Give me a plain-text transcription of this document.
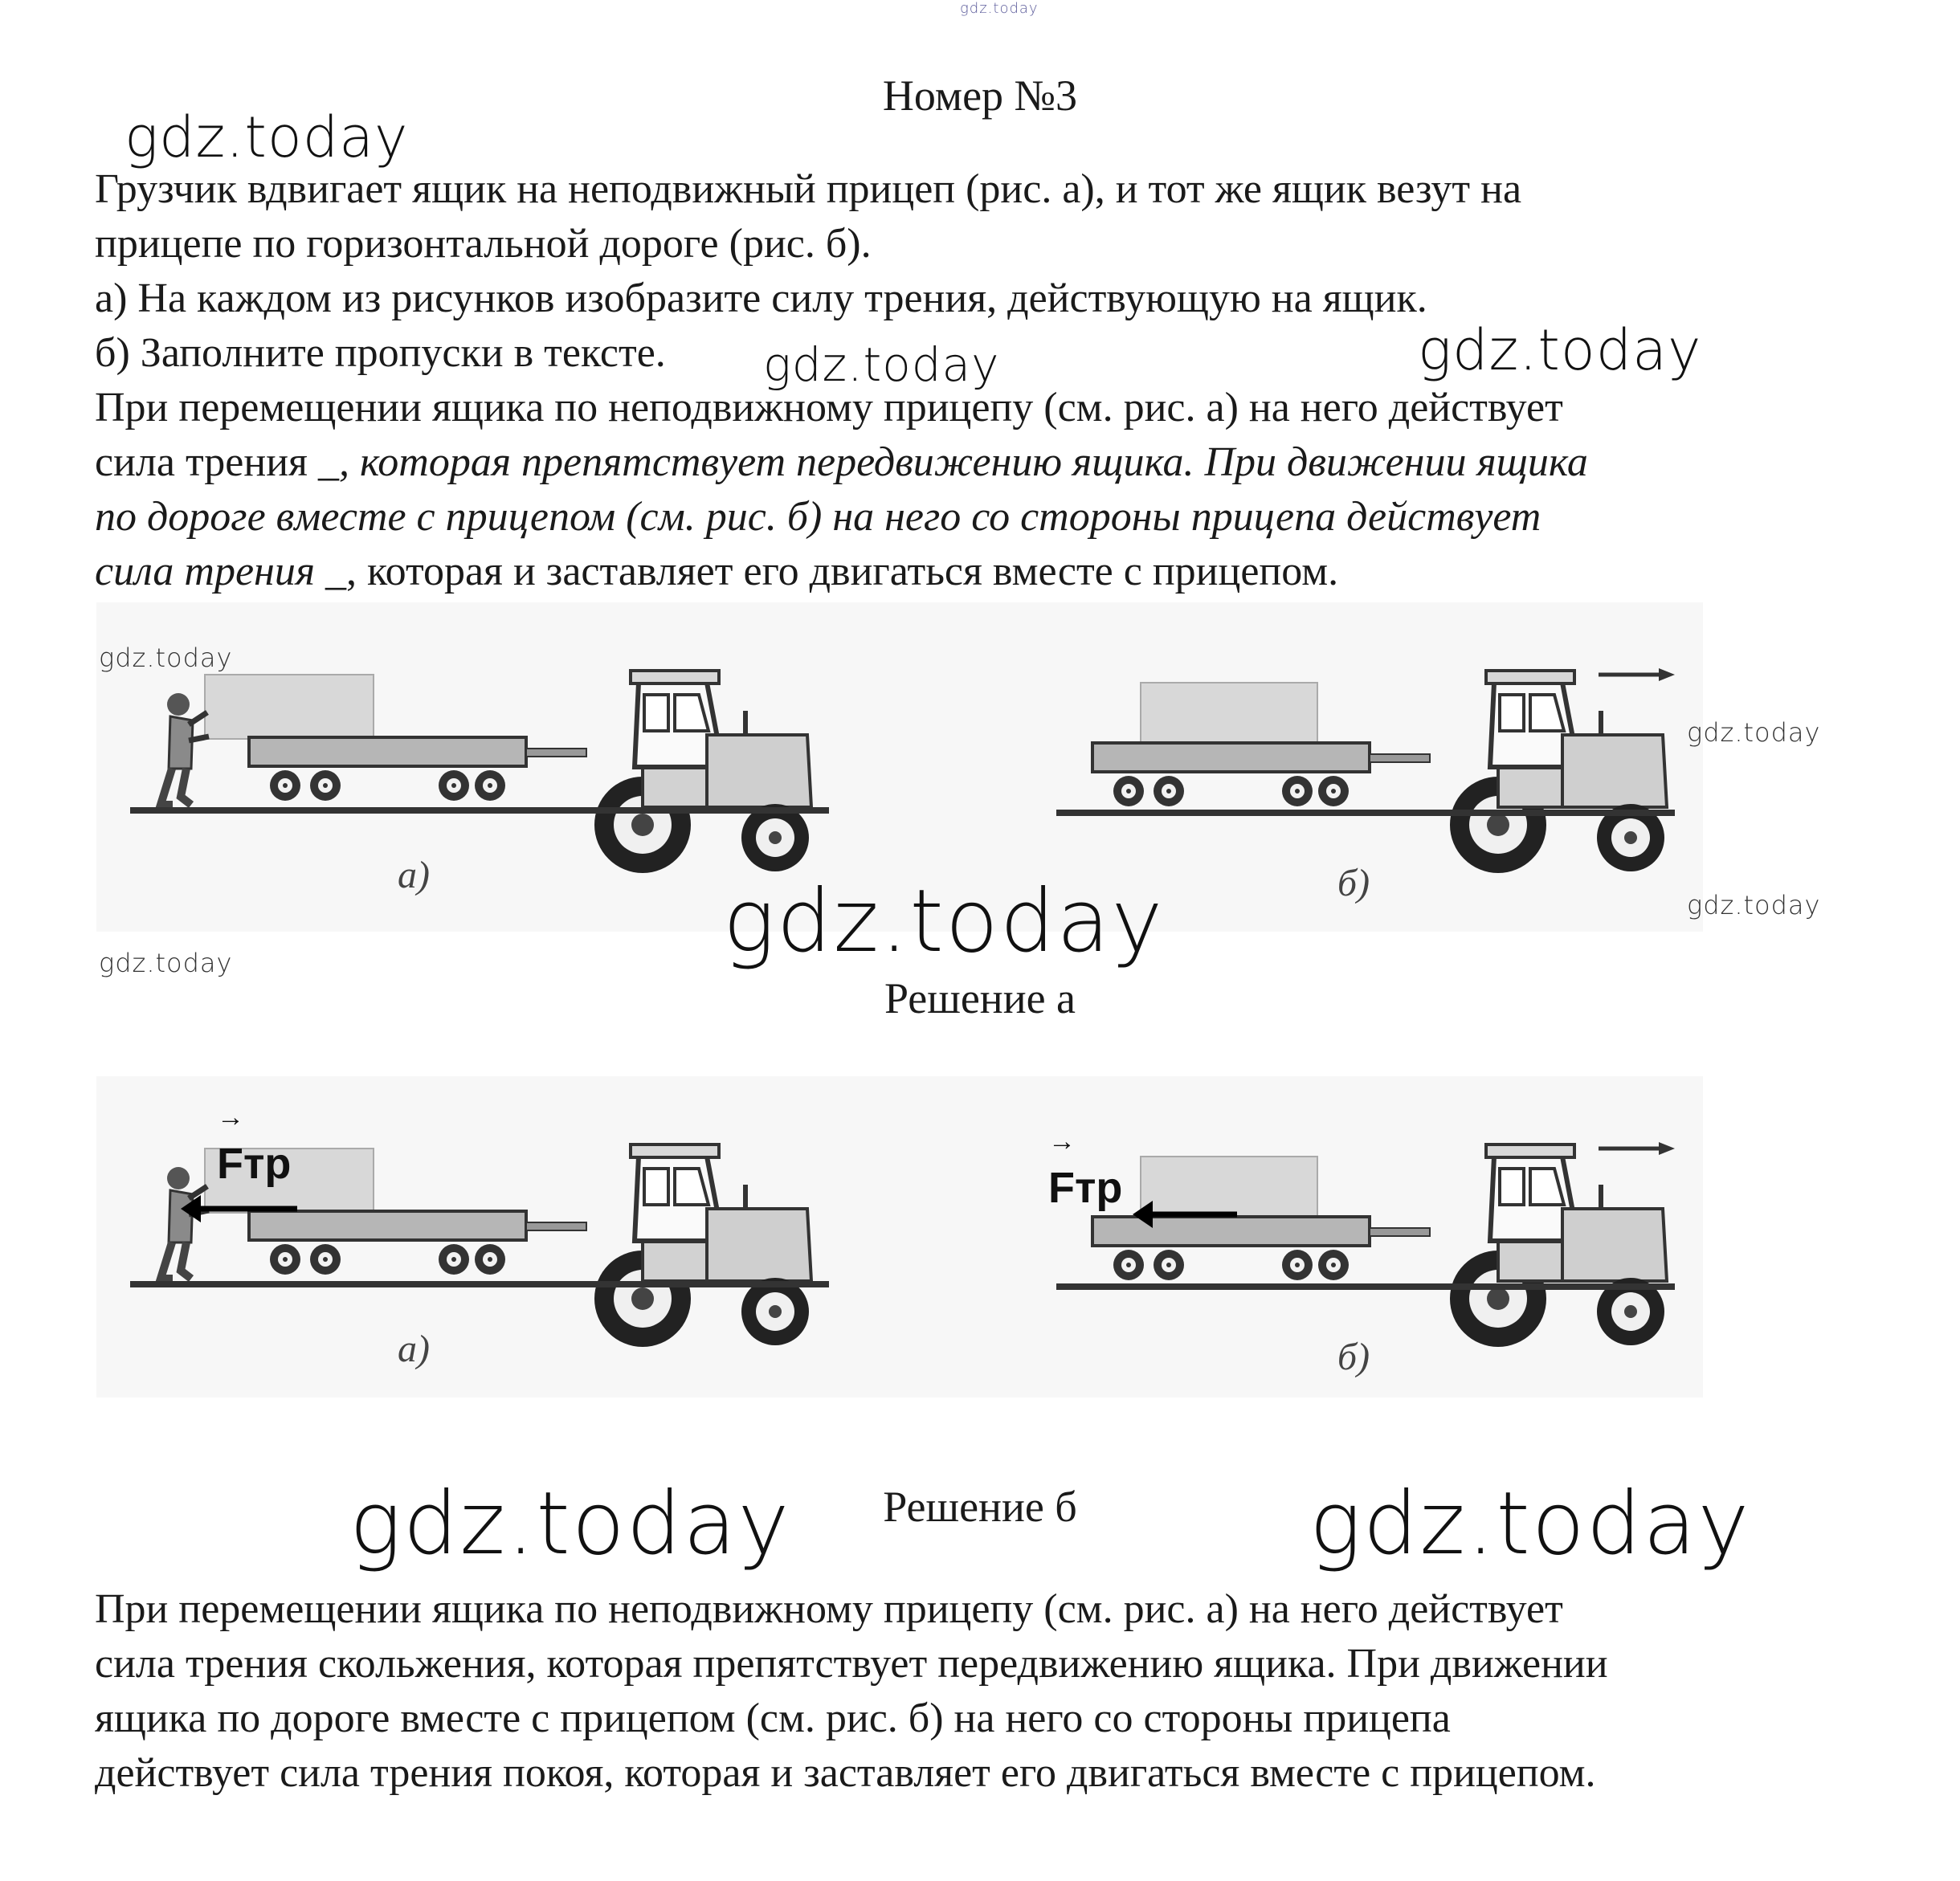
gdz.today
Номер №3
gdz.today
gdz.today
gdz.today

Грузчик вдвигает ящик на неподвижный прицеп (рис. а), и тот же ящик везут на

прицепе по горизонтальной дороге (рис. б).

а) На каждом из рисунков изобразите силу трения, действующую на ящик.

б) Заполните пропуски в тексте.

При перемещении ящика по неподвижному прицепу (см. рис. а) на него действует

сила трения _, которая препятствует передвижению ящика. При движении ящика

по дороге вместе с прицепом (см. рис. б) на него со стороны прицепа действует

сила трения _, которая и заставляет его двигаться вместе с прицепом.

а)	б)
gdz.today
gdz.today
gdz.today
gdz.today	gdz.today
Решение а
Fтр
→
а)
Fтр
→
б)
gdz.today	gdz.today
Решение б

При перемещении ящика по неподвижному прицепу (см. рис. а) на него действует

сила трения скольжения, которая препятствует передвижению ящика. При движении

ящика по дороге вместе с прицепом (см. рис. б) на него со стороны прицепа

действует сила трения покоя, которая и заставляет его двигаться вместе с прицепом.
